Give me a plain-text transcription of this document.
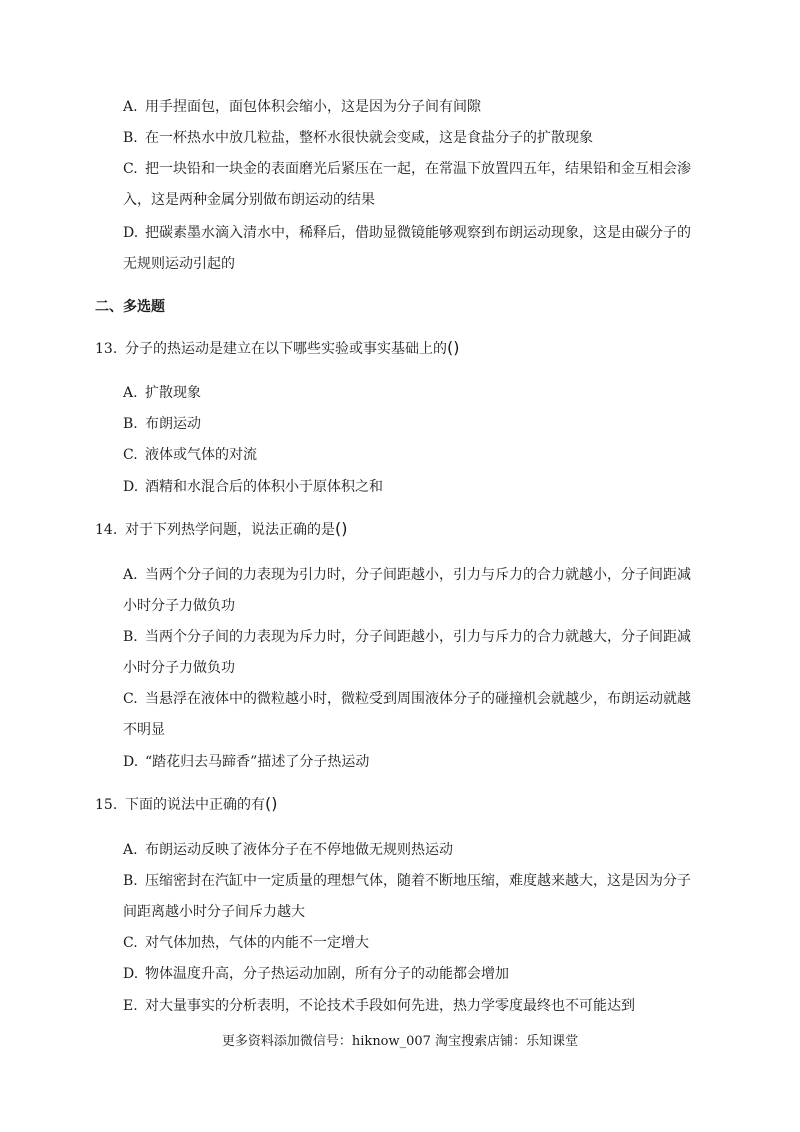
A. 用手捏面包，面包体积会缩小，这是因为分子间有间隙
B. 在一杯热水中放几粒盐，整杯水很快就会变咸，这是食盐分子的扩散现象
C. 把一块铅和一块金的表面磨光后紧压在一起，在常温下放置四五年，结果铅和金互相会渗
入，这是两种金属分别做布朗运动的结果
D. 把碳素墨水滴入清水中，稀释后，借助显微镜能够观察到布朗运动现象，这是由碳分子的
无规则运动引起的
二、多选题
13. 分子的热运动是建立在以下哪些实验或事实基础上的()
A. 扩散现象
B. 布朗运动
C. 液体或气体的对流
D. 酒精和水混合后的体积小于原体积之和
14. 对于下列热学问题，说法正确的是()
A. 当两个分子间的力表现为引力时，分子间距越小，引力与斥力的合力就越小，分子间距减
小时分子力做负功
B. 当两个分子间的力表现为斥力时，分子间距越小，引力与斥力的合力就越大，分子间距减
小时分子力做负功
C. 当悬浮在液体中的微粒越小时，微粒受到周围液体分子的碰撞机会就越少，布朗运动就越
不明显
D. “踏花归去马蹄香”描述了分子热运动
15. 下面的说法中正确的有()
A. 布朗运动反映了液体分子在不停地做无规则热运动
B. 压缩密封在汽缸中一定质量的理想气体，随着不断地压缩，难度越来越大，这是因为分子
间距离越小时分子间斥力越大
C. 对气体加热，气体的内能不一定增大
D. 物体温度升高，分子热运动加剧，所有分子的动能都会增加
E. 对大量事实的分析表明，不论技术手段如何先进，热力学零度最终也不可能达到
更多资料添加微信号：hiknow_007 淘宝搜索店铺：乐知课堂
